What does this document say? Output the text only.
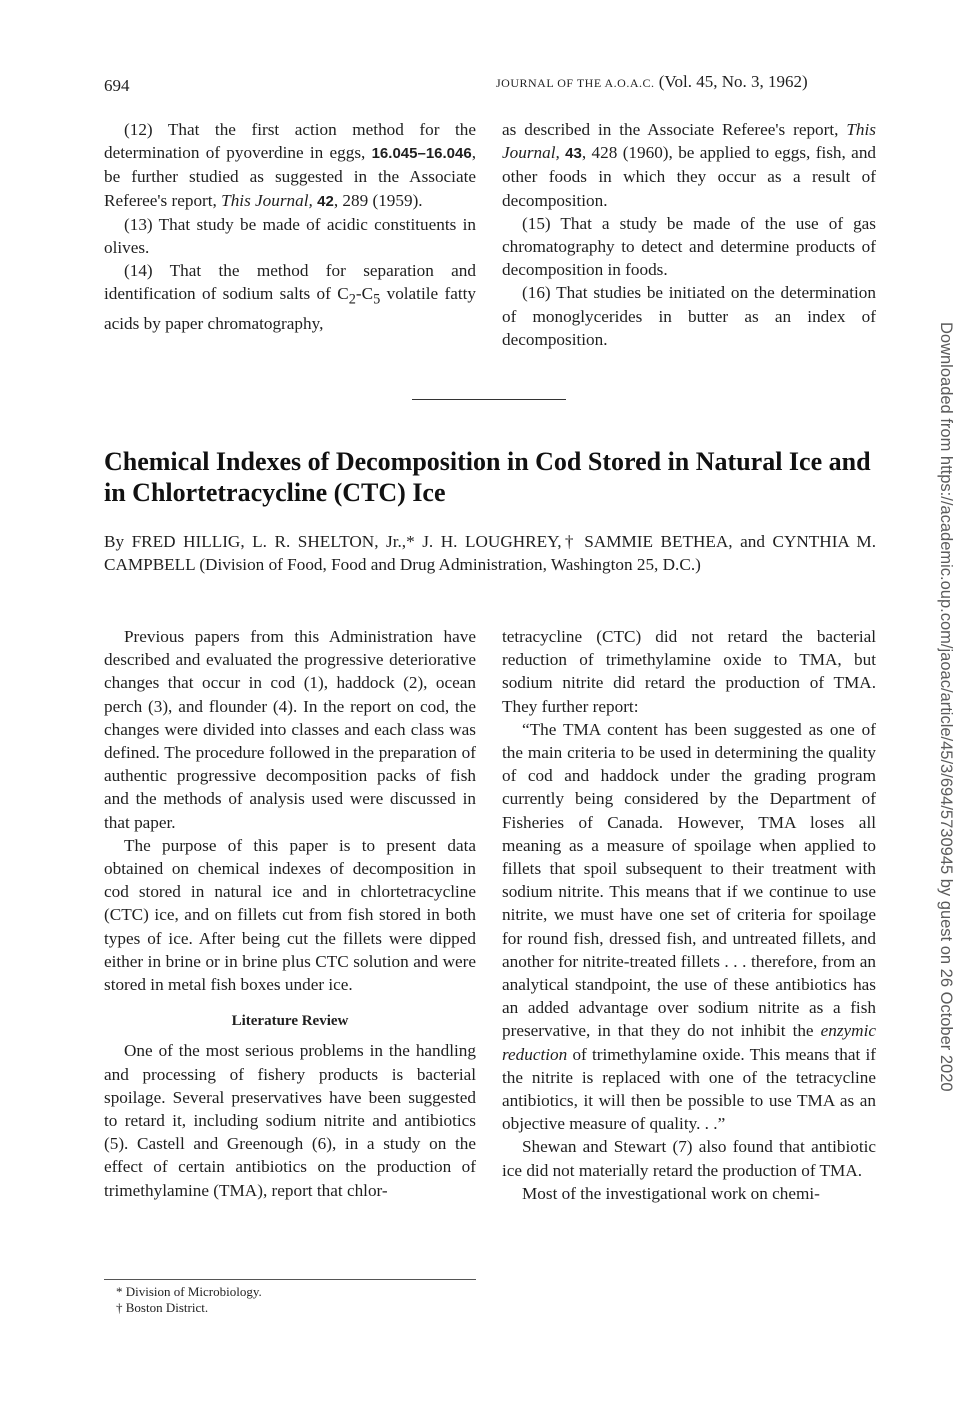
694	JOURNAL OF THE A.O.A.C. (Vol. 45, No. 3, 1962)

(12) That the first action method for the determination of pyoverdine in eggs, 16.045–16.046, be further studied as suggested in the Associate Referee's report, This Journal, 42, 289 (1959).

(13) That study be made of acidic constituents in olives.

(14) That the method for separation and identification of sodium salts of $C_2-C_5$ volatile fatty acids by paper chromatography,

as described in the Associate Referee's report, This Journal, 43, 428 (1960), be applied to eggs, fish, and other foods in which they occur as a result of decomposition.

(15) That a study be made of the use of gas chromatography to detect and determine products of decomposition in foods.

(16) That studies be initiated on the determination of monoglycerides in butter as an index of decomposition.

Chemical Indexes of Decomposition in Cod Stored in Natural Ice and in Chlortetracycline (CTC) Ice

By FRED HILLIG, L. R. SHELTON, Jr.,* J. H. LOUGHREY,† SAMMIE BETHEA, and CYNTHIA M. CAMPBELL (Division of Food, Food and Drug Administration, Washington 25, D.C.)

Previous papers from this Administration have described and evaluated the progressive deteriorative changes that occur in cod (1), haddock (2), ocean perch (3), and flounder (4). In the report on cod, the changes were divided into classes and each class was defined. The procedure followed in the preparation of authentic progressive decomposition packs of fish and the methods of analysis used were discussed in that paper.

The purpose of this paper is to present data obtained on chemical indexes of decomposition in cod stored in natural ice and in chlortetracycline (CTC) ice, and on fillets cut from fish stored in both types of ice. After being cut the fillets were dipped either in brine or in brine plus CTC solution and were stored in metal fish boxes under ice.

Literature Review

One of the most serious problems in the handling and processing of fishery products is bacterial spoilage. Several preservatives have been suggested to retard it, including sodium nitrite and antibiotics (5). Castell and Greenough (6), in a study on the effect of certain antibiotics on the production of trimethylamine (TMA), report that chlor-

tetracycline (CTC) did not retard the bacterial reduction of trimethylamine oxide to TMA, but sodium nitrite did retard the production of TMA. They further report:

“The TMA content has been suggested as one of the main criteria to be used in determining the quality of cod and haddock under the grading program currently being considered by the Department of Fisheries of Canada. However, TMA loses all meaning as a measure of spoilage when applied to fillets that spoil subsequent to their treatment with sodium nitrite. This means that if we continue to use nitrite, we must have one set of criteria for spoilage for round fish, dressed fish, and untreated fillets, and another for nitrite-treated fillets . . . therefore, from an analytical standpoint, the use of these antibiotics has an added advantage over sodium nitrite as a fish preservative, in that they do not inhibit the enzymic reduction of trimethylamine oxide. This means that if the nitrite is replaced with one of the tetracycline antibiotics, it will then be possible to use TMA as an objective measure of quality. . .”

Shewan and Stewart (7) also found that antibiotic ice did not materially retard the production of TMA.

Most of the investigational work on chemi-

* Division of Microbiology.
† Boston District.
Downloaded from https://academic.oup.com/jaoac/article/45/3/694/5730945 by guest on 26 October 2020
